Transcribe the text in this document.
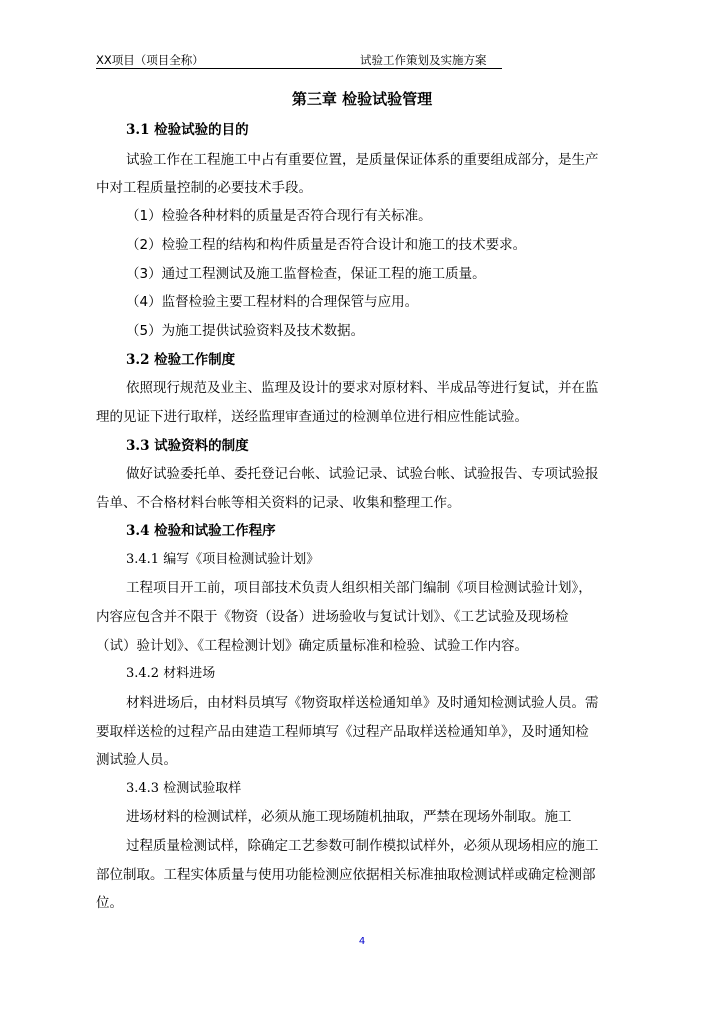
XX项目（项目全称）	试验工作策划及实施方案
第三章 检验试验管理
3.1 检验试验的目的
试验工作在工程施工中占有重要位置，是质量保证体系的重要组成部分，是生产
中对工程质量控制的必要技术手段。
（1）检验各种材料的质量是否符合现行有关标准。
（2）检验工程的结构和构件质量是否符合设计和施工的技术要求。
（3）通过工程测试及施工监督检查，保证工程的施工质量。
（4）监督检验主要工程材料的合理保管与应用。
（5）为施工提供试验资料及技术数据。
3.2 检验工作制度
依照现行规范及业主、监理及设计的要求对原材料、半成品等进行复试，并在监
理的见证下进行取样，送经监理审查通过的检测单位进行相应性能试验。
3.3 试验资料的制度
做好试验委托单、委托登记台帐、试验记录、试验台帐、试验报告、专项试验报
告单、不合格材料台帐等相关资料的记录、收集和整理工作。
3.4 检验和试验工作程序
3.4.1 编写《项目检测试验计划》
工程项目开工前，项目部技术负责人组织相关部门编制《项目检测试验计划》，
内容应包含并不限于《物资（设备）进场验收与复试计划》、《工艺试验及现场检
（试）验计划》、《工程检测计划》确定质量标准和检验、试验工作内容。
3.4.2 材料进场
材料进场后，由材料员填写《物资取样送检通知单》及时通知检测试验人员。需
要取样送检的过程产品由建造工程师填写《过程产品取样送检通知单》，及时通知检
测试验人员。
3.4.3 检测试验取样
进场材料的检测试样，必须从施工现场随机抽取，严禁在现场外制取。施工
过程质量检测试样，除确定工艺参数可制作模拟试样外，必须从现场相应的施工
部位制取。工程实体质量与使用功能检测应依据相关标准抽取检测试样或确定检测部
位。
4
